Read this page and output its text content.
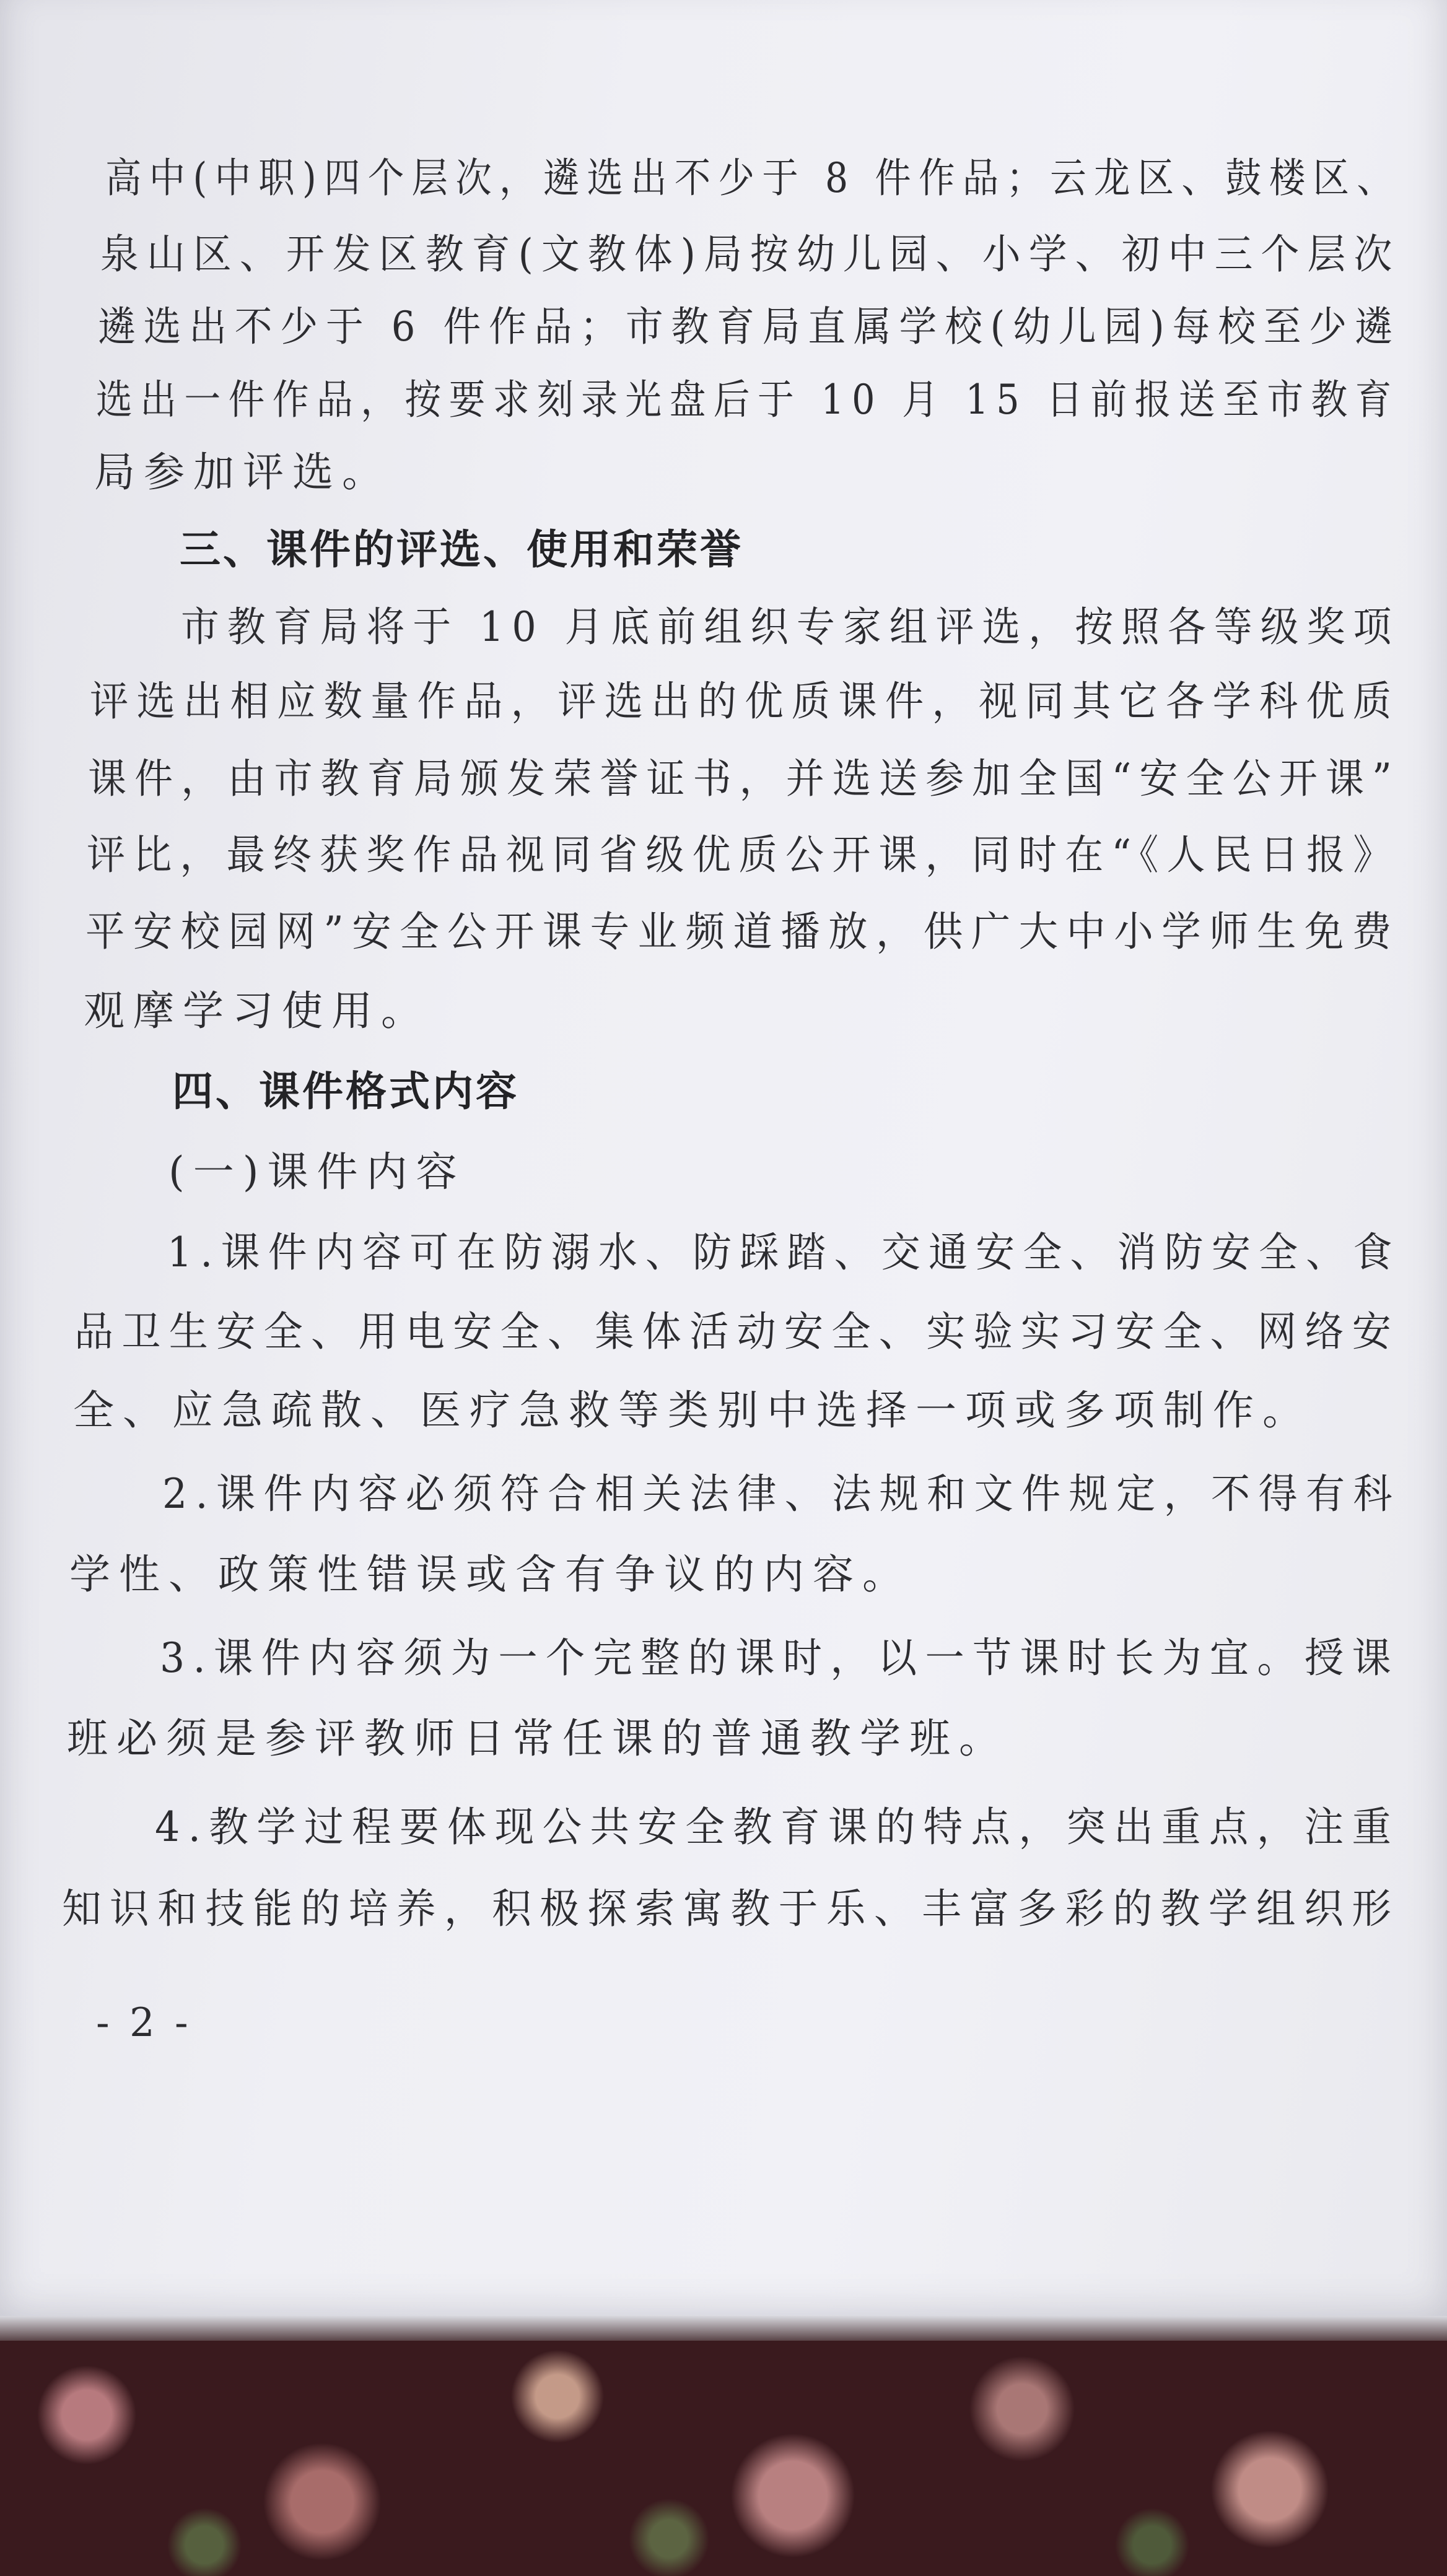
高中(中职)四个层次，遴选出不少于 8 件作品；云龙区、鼓楼区、
泉山区、开发区教育(文教体)局按幼儿园、小学、初中三个层次
遴选出不少于 6 件作品；市教育局直属学校(幼儿园)每校至少遴
选出一件作品，按要求刻录光盘后于 10 月 15 日前报送至市教育
局参加评选。
三、课件的评选、使用和荣誉
市教育局将于 10 月底前组织专家组评选，按照各等级奖项
评选出相应数量作品，评选出的优质课件，视同其它各学科优质
课件，由市教育局颁发荣誉证书，并选送参加全国“安全公开课”
评比，最终获奖作品视同省级优质公开课，同时在“《人民日报》
平安校园网”安全公开课专业频道播放，供广大中小学师生免费
观摩学习使用。
四、课件格式内容
(一)课件内容
1.课件内容可在防溺水、防踩踏、交通安全、消防安全、食
品卫生安全、用电安全、集体活动安全、实验实习安全、网络安
全、应急疏散、医疗急救等类别中选择一项或多项制作。
2.课件内容必须符合相关法律、法规和文件规定，不得有科
学性、政策性错误或含有争议的内容。
3.课件内容须为一个完整的课时，以一节课时长为宜。授课
班必须是参评教师日常任课的普通教学班。
4.教学过程要体现公共安全教育课的特点，突出重点，注重
知识和技能的培养，积极探索寓教于乐、丰富多彩的教学组织形
- 2 -
